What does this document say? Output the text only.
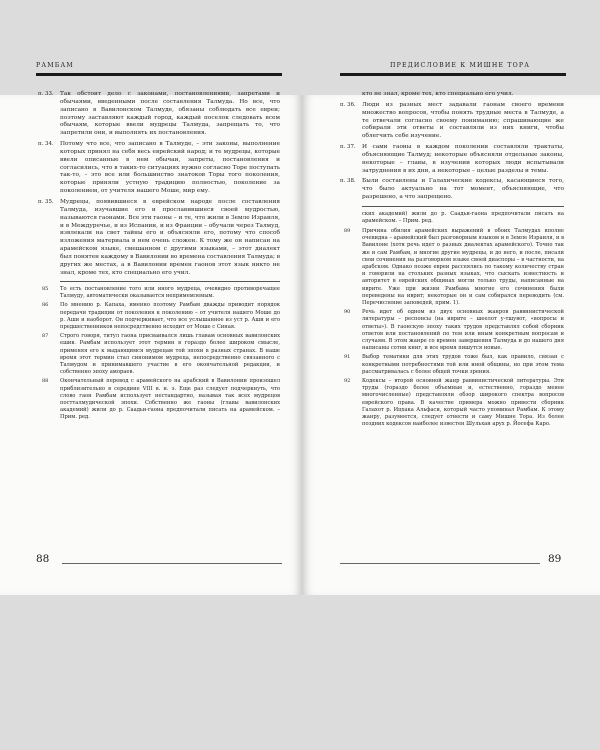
РАМБАМ	ПРЕДИСЛОВИЕ К МИШНЕ ТОРА
п. 33. Так обстоит дело с законами, постановлениями, запретами и обычаями, введенными после составления Талмуда. Но все, что записано в Вавилонском Талмуде, обязаны соблюдать все евреи; поэтому заставляют каждый город, каждый поселок следовать всем обычаям, которые ввели мудрецы Талмуда, запрещать то, что запретили они, и выполнять их постановления.
п. 34. Потому что все, что записано в Талмуде, – эти законы, выполнение которых принял на себя весь еврейский народ; и те мудрецы, которые ввели описанные в нем обычаи, запреты, постановления и согласились, что в таких-то ситуациях нужно согласно Торе поступать так-то, – это все или большинство знатоков Торы того поколения, которые приняли устную традицию полностью, поколение за поколением, от учителя нашего Моше, мир ему.
п. 35. Мудрецы, появившиеся в еврейском народе после составления Талмуда, изучавшие его и прославившиеся своей мудростью, называются гаонами. Все эти гаоны – и те, что жили в Земле Израиля, и в Междуречье, и из Испании, и из Франции – обучали через Талмуд, извлекали на свет тайны его и объясняли его, потому что способ изложения материала в нем очень сложен. К тому же он написан на арамейском языке, смешанном с другими языками, – этот диалект был понятен каждому в Вавилонии во времена составления Талмуда; в других же местах, а в Вавилонии времен гаонов этот язык никто не знал, кроме тех, кто специально его учил.
85 То есть постановление того или иного мудреца, очевидно противоречащее Талмуду, автоматически оказывается непримемлемым.
86 По мнению р. Капаха, именно поэтому Рамбам дважды приводит порядок передачи традиции от поколения к поколению – от учителя нашего Моше до р. Аши и наоборот. Он подчеркивает, что все услышанное из уст р. Аши и его предшественников непосредственно исходит от Моше с Синая.
87 Строго говоря, титул гаона присваивался лишь главам основных вавилонских ешив. Рамбам использует этот термин в гораздо более широком смысле, применяя его к выдающимся мудрецам той эпохи в разных странах. В наше время этот термин стал синонимом мудреца, непосредственно связанного с Талмудом и принимавшего участие в его окончательной редакции, и собственно эпоху амораев.
88 Окончательный перевод с арамейского на арабский в Вавилонии произошел приблизительно в середине VIII в. н. э. Еще раз следует подчеркнуть, что слово гаон Рамбам использует нестандартно, называя так всех мудрецов постталмудической эпохи. Собственно же гаоны (главы вавилонских академий) жили до р. Саадьи-гаона предпочитали писать на арамейском. – Прим. ред.
кто не знал, кроме тех, кто специально его учил.
п. 36. Люди из разных мест задавали гаонам своего времени множество вопросов, чтобы понять трудные места в Талмуде, а те отвечали согласно своему пониманию; спрашивающие же собирали эти ответы и составляли из них книги, чтобы облегчить себе изучение.
п. 37. И сами гаоны в каждом поколении составляли трактаты, объясняющие Талмуд; некоторые объясняли отдельные законы, некоторые – главы, в изучении которых люди испытывали затруднения в их дни, а некоторые – целые разделы и темы.
п. 38. Были составлены и Галахические кодексы, касающиеся того, что было актуально на тот момент, объясняющие, что разрешено, а что запрещено.
ских академий) жили до р. Саадьи-гаона предпочитали писать на арамейском. – Прим. ред.
89 Причина обилия арамейских выражений в обоих Талмудах вполне очевидна – арамейский был разговорным языком и в Земле Израиля, и в Вавилоне (хотя речь идет о разных диалектах арамейского). Точно так же и сам Рамбам, и многие другие мудрецы, и до него, и после, писали свои сочинения на разговорном языке своей диаспоры – в частности, на арабском. Однако позже евреи рассеялись по такому количеству стран и говорили на стольких разных языках, что сыскать известность и авторитет в еврейских общинах могли только труды, написанные на иврите. Уже при жизни Рамбама многие его сочинения были переведены на иврит; некоторые он и сам собирался переводить (см. Перечисление заповедей, прим. 1).
90 Речь идет об одном из двух основных жанров раввинистической литературы – респонсы (на иврите – шеелот у-тшувот, «вопросы и ответы»). В гаонскую эпоху таких трудов представлял собой сборник ответов или постановлений по тем или иным конкретным вопросам и случаям. В этом жанре со времен завершения Талмуда и до нашего дня написаны сотни книг, и все время пишутся новые.
91 Выбор тематики для этих трудов тоже был, как правило, связан с конкретными потребностями той или иной общины, но при этом тема рассматривалась с более общей точки зрения.
92 Кодексы – второй основной жанр раввинистической литературы. Эти труды (гораздо более объемные и, естественно, гораздо менее многочисленные) представляли обзор широкого спектра вопросов еврейского права. В качестве примера можно привести сборник Галахот р. Ицхака Альфаси, который часто упоминал Рамбам. К этому жанру, разумеется, следует отнести и саму Мишне Тора. Из более поздних кодексов наиболее известен Шульхан арух р. Йосефа Каро.
88	89
